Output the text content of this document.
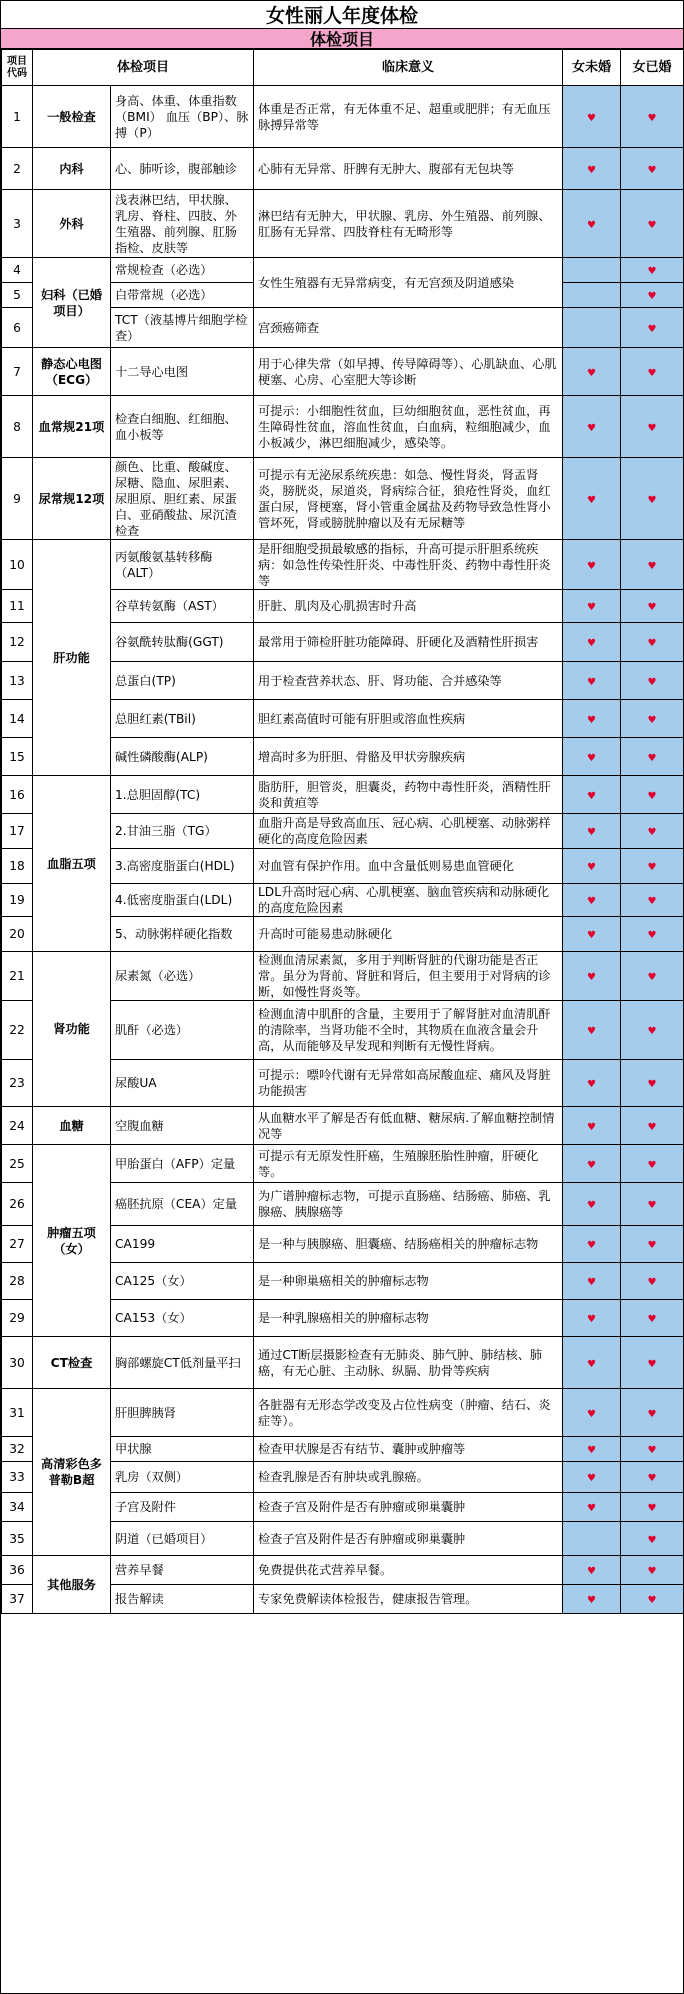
女性丽人年度体检
体检项目
项目
代码	体检项目		临床意义	女未婚	女已婚
1	一般检查	身高、体重、体重指数（BMI） 血压（BP）、脉搏（P）	体重是否正常，有无体重不足、超重或肥胖；有无血压脉搏异常等	♥	♥
2	内科	心、肺听诊，腹部触诊	心肺有无异常、肝脾有无肿大、腹部有无包块等	♥	♥
3	外科	浅表淋巴结，甲状腺、乳房、脊柱、四肢、外生殖器、前列腺、肛肠指检、皮肤等	淋巴结有无肿大，甲状腺、乳房、外生殖器、前列腺、肛肠有无异常、四肢脊柱有无畸形等	♥	♥
4	妇科（已婚项目）	常规检查（必选）	女性生殖器有无异常病变，有无宫颈及阴道感染		♥
5		白带常规（必选）			♥
6		TCT（液基博片细胞学检查）	宫颈癌筛查		♥
7	静态心电图（ECG）	十二导心电图	用于心律失常（如早搏、传导障碍等）、心肌缺血、心肌梗塞、心房、心室肥大等诊断	♥	♥
8	血常规21项	检查白细胞、红细胞、血小板等	可提示：小细胞性贫血，巨幼细胞贫血，恶性贫血，再生障碍性贫血，溶血性贫血，白血病，粒细胞减少，血小板减少，淋巴细胞减少，感染等。	♥	♥
9	尿常规12项	颜色、比重、酸碱度、尿糖、隐血、尿胆素、尿胆原、胆红素、尿蛋白、亚硝酸盐、尿沉渣检查	可提示有无泌尿系统疾患：如急、慢性肾炎，肾盂肾炎，膀胱炎，尿道炎，肾病综合征，狼疮性肾炎，血红蛋白尿，肾梗塞，肾小管重金属盐及药物导致急性肾小管坏死，肾或膀胱肿瘤以及有无尿糖等	♥	♥
10	肝功能	丙氨酸氨基转移酶（ALT）	是肝细胞受损最敏感的指标，升高可提示肝胆系统疾病：如急性传染性肝炎、中毒性肝炎、药物中毒性肝炎等	♥	♥
11		谷草转氨酶（AST）	肝脏、肌肉及心肌损害时升高	♥	♥
12		谷氨酰转肽酶(GGT)	最常用于筛检肝脏功能障碍、肝硬化及酒精性肝损害	♥	♥
13		总蛋白(TP)	用于检查营养状态、肝、肾功能、合并感染等	♥	♥
14		总胆红素(TBil)	胆红素高值时可能有肝胆或溶血性疾病	♥	♥
15		碱性磷酸酶(ALP)	增高时多为肝胆、骨骼及甲状旁腺疾病	♥	♥
16	血脂五项	1.总胆固醇(TC)	脂肪肝，胆管炎，胆囊炎，药物中毒性肝炎，酒精性肝炎和黄疸等	♥	♥
17		2.甘油三脂（TG）	血脂升高是导致高血压、冠心病、心肌梗塞、动脉粥样硬化的高度危险因素	♥	♥
18		3.高密度脂蛋白(HDL)	对血管有保护作用。血中含量低则易患血管硬化	♥	♥
19		4.低密度脂蛋白(LDL)	LDL升高时冠心病、心肌梗塞、脑血管疾病和动脉硬化的高度危险因素	♥	♥
20		5、动脉粥样硬化指数	升高时可能易患动脉硬化	♥	♥
21	肾功能	尿素氮（必选）	检测血清尿素氮，多用于判断肾脏的代谢功能是否正常。虽分为肾前、肾脏和肾后，但主要用于对肾病的诊断，如慢性肾炎等。	♥	♥
22		肌酐（必选）	检测血清中肌酐的含量，主要用于了解肾脏对血清肌酐的清除率，当肾功能不全时，其物质在血液含量会升高，从而能够及早发现和判断有无慢性肾病。	♥	♥
23		尿酸UA	可提示：嘌呤代谢有无异常如高尿酸血症、痛风及肾脏功能损害	♥	♥
24	血糖	空腹血糖	从血糖水平了解是否有低血糖、糖尿病.了解血糖控制情况等	♥	♥
25	肿瘤五项（女）	甲胎蛋白（AFP）定量	可提示有无原发性肝癌，生殖腺胚胎性肿瘤，肝硬化等。	♥	♥
26		癌胚抗原（CEA）定量	为广谱肿瘤标志物，可提示直肠癌、结肠癌、肺癌、乳腺癌、胰腺癌等	♥	♥
27		CA199	是一种与胰腺癌、胆囊癌、结肠癌相关的肿瘤标志物	♥	♥
28		CA125（女）	是一种卵巢癌相关的肿瘤标志物	♥	♥
29		CA153（女）	是一种乳腺癌相关的肿瘤标志物	♥	♥
30	CT检查	胸部螺旋CT低剂量平扫	通过CT断层摄影检查有无肺炎、肺气肿、肺结核、肺癌，有无心脏、主动脉、纵膈、肋骨等疾病	♥	♥
31	高清彩色多普勒B超	肝胆脾胰肾	各脏器有无形态学改变及占位性病变（肿瘤、结石、炎症等）。	♥	♥
32		甲状腺	检查甲状腺是否有结节、囊肿或肿瘤等	♥	♥
33		乳房（双侧）	检查乳腺是否有肿块或乳腺癌。	♥	♥
34		子宫及附件	检查子宫及附件是否有肿瘤或卵巢囊肿	♥	♥
35		阴道（已婚项目）	检查子宫及附件是否有肿瘤或卵巢囊肿		♥
36	其他服务	营养早餐	免费提供花式营养早餐。	♥	♥
37		报告解读	专家免费解读体检报告，健康报告管理。	♥	♥
